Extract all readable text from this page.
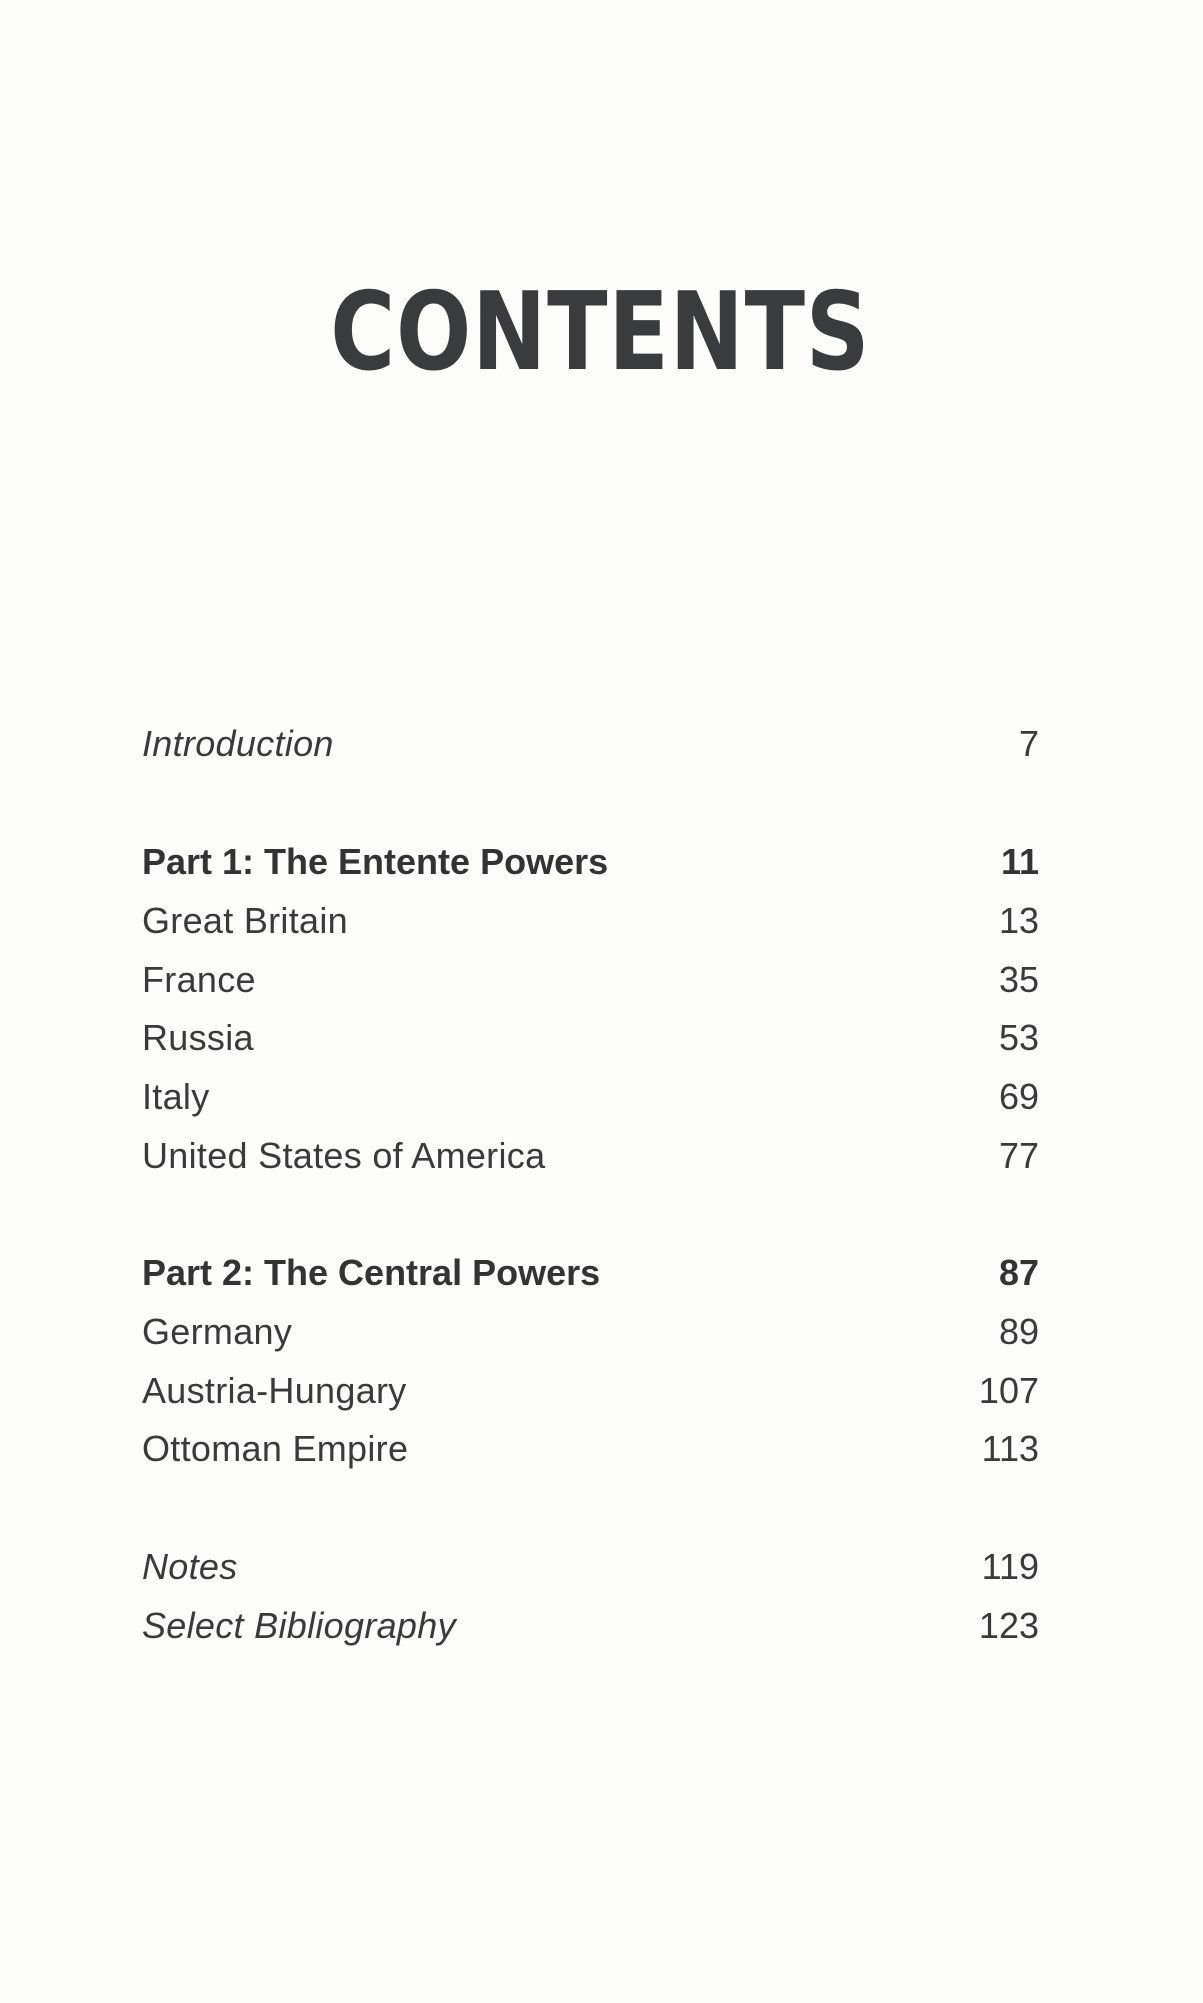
CONTENTS
Introduction	7
Part 1: The Entente Powers	11
Great Britain	13
France	35
Russia	53
Italy	69
United States of America	77
Part 2: The Central Powers	87
Germany	89
Austria-Hungary	107
Ottoman Empire	113
Notes	119
Select Bibliography	123
